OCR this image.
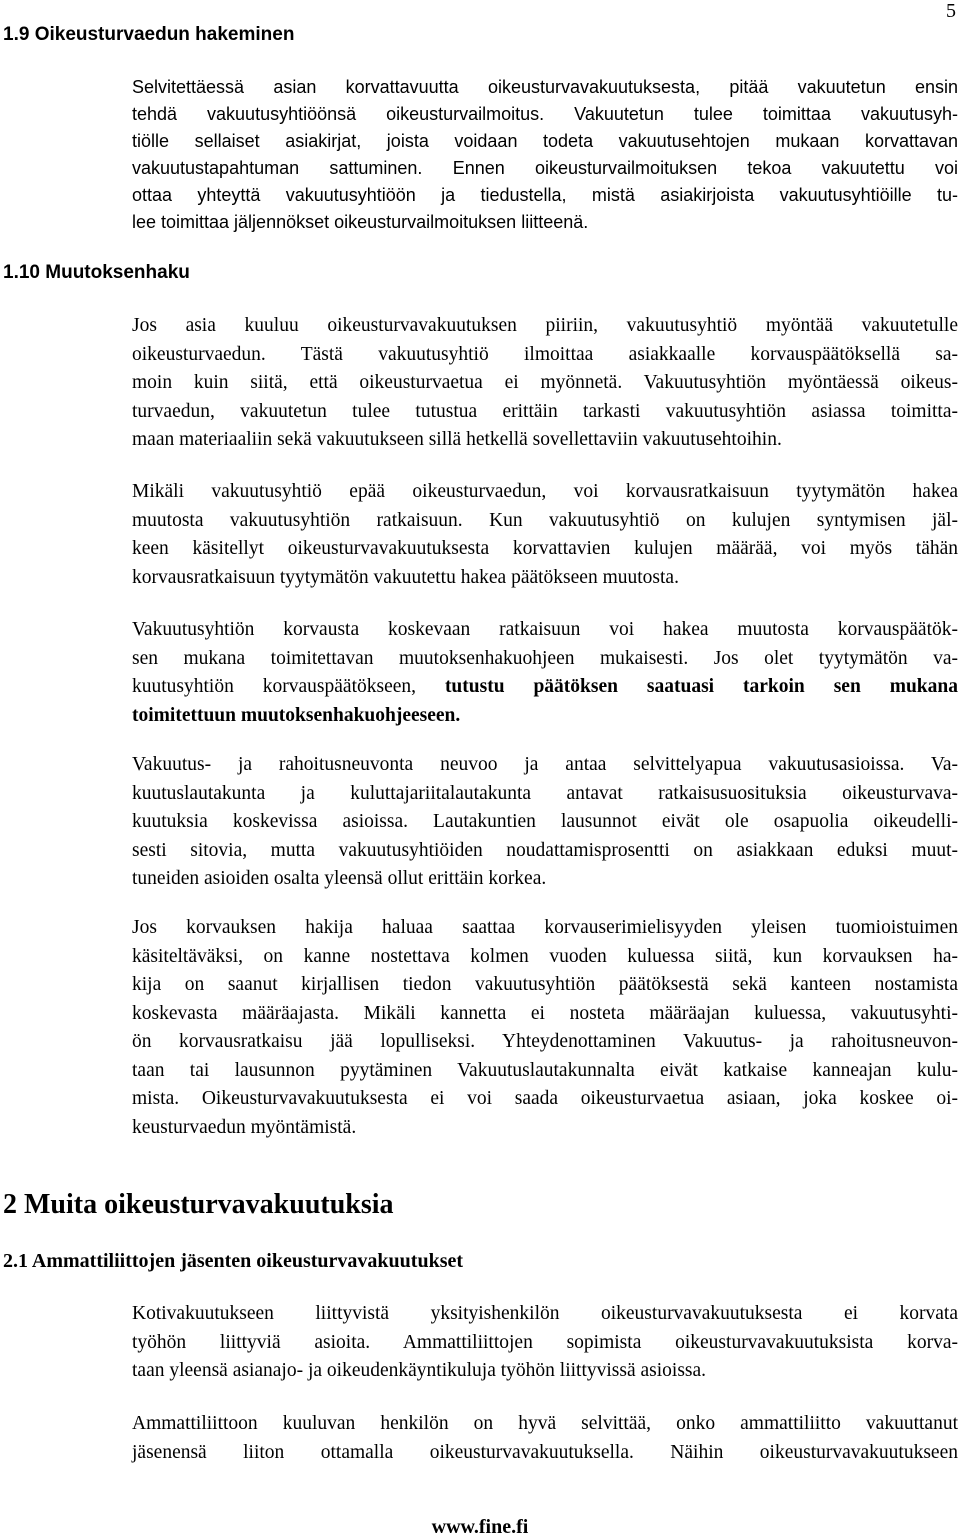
5
1.9 Oikeusturvaedun hakeminen
Selvitettäessä asian korvattavuutta oikeusturvavakuutuksesta, pitää vakuutetun ensin
tehdä vakuutusyhtiöönsä oikeusturvailmoitus. Vakuutetun tulee toimittaa vakuutusyh-
tiölle sellaiset asiakirjat, joista voidaan todeta vakuutusehtojen mukaan korvattavan
vakuutustapahtuman sattuminen. Ennen oikeusturvailmoituksen tekoa vakuutettu voi
ottaa yhteyttä vakuutusyhtiöön ja tiedustella, mistä asiakirjoista vakuutusyhtiöille tu-
lee toimittaa jäljennökset oikeusturvailmoituksen liitteenä.
1.10 Muutoksenhaku
Jos asia kuuluu oikeusturvavakuutuksen piiriin, vakuutusyhtiö myöntää vakuutetulle
oikeusturvaedun. Tästä vakuutusyhtiö ilmoittaa asiakkaalle korvauspäätöksellä sa-
moin kuin siitä, että oikeusturvaetua ei myönnetä. Vakuutusyhtiön myöntäessä oikeus-
turvaedun, vakuutetun tulee tutustua erittäin tarkasti vakuutusyhtiön asiassa toimitta-
maan materiaaliin sekä vakuutukseen sillä hetkellä sovellettaviin vakuutusehtoihin.
Mikäli vakuutusyhtiö epää oikeusturvaedun, voi korvausratkaisuun tyytymätön hakea
muutosta vakuutusyhtiön ratkaisuun. Kun vakuutusyhtiö on kulujen syntymisen jäl-
keen käsitellyt oikeusturvavakuutuksesta korvattavien kulujen määrää, voi myös tähän
korvausratkaisuun tyytymätön vakuutettu hakea päätökseen muutosta.
Vakuutusyhtiön korvausta koskevaan ratkaisuun voi hakea muutosta korvauspäätök-
sen mukana toimitettavan muutoksenhakuohjeen mukaisesti. Jos olet tyytymätön va-
kuutusyhtiön korvauspäätökseen, tutustu päätöksen saatuasi tarkoin sen mukana
toimitettuun muutoksenhakuohjeeseen.
Vakuutus- ja rahoitusneuvonta neuvoo ja antaa selvittelyapua vakuutusasioissa. Va-
kuutuslautakunta ja kuluttajariitalautakunta antavat ratkaisusuosituksia oikeusturvava-
kuutuksia koskevissa asioissa. Lautakuntien lausunnot eivät ole osapuolia oikeudelli-
sesti sitovia, mutta vakuutusyhtiöiden noudattamisprosentti on asiakkaan eduksi muut-
tuneiden asioiden osalta yleensä ollut erittäin korkea.
Jos korvauksen hakija haluaa saattaa korvauserimielisyyden yleisen tuomioistuimen
käsiteltäväksi, on kanne nostettava kolmen vuoden kuluessa siitä, kun korvauksen ha-
kija on saanut kirjallisen tiedon vakuutusyhtiön päätöksestä sekä kanteen nostamista
koskevasta määräajasta. Mikäli kannetta ei nosteta määräajan kuluessa, vakuutusyhti-
ön korvausratkaisu jää lopulliseksi. Yhteydenottaminen Vakuutus- ja rahoitusneuvon-
taan tai lausunnon pyytäminen Vakuutuslautakunnalta eivät katkaise kanneajan kulu-
mista. Oikeusturvavakuutuksesta ei voi saada oikeusturvaetua asiaan, joka koskee oi-
keusturvaedun myöntämistä.
2 Muita oikeusturvavakuutuksia
2.1 Ammattiliittojen jäsenten oikeusturvavakuutukset
Kotivakuutukseen liittyvistä yksityishenkilön oikeusturvavakuutuksesta ei korvata
työhön liittyviä asioita. Ammattiliittojen sopimista oikeusturvavakuutuksista korva-
taan yleensä asianajo- ja oikeudenkäyntikuluja työhön liittyvissä asioissa.
Ammattiliittoon kuuluvan henkilön on hyvä selvittää, onko ammattiliitto vakuuttanut
jäsenensä liiton ottamalla oikeusturvavakuutuksella. Näihin oikeusturvavakuutukseen
www.fine.fi
